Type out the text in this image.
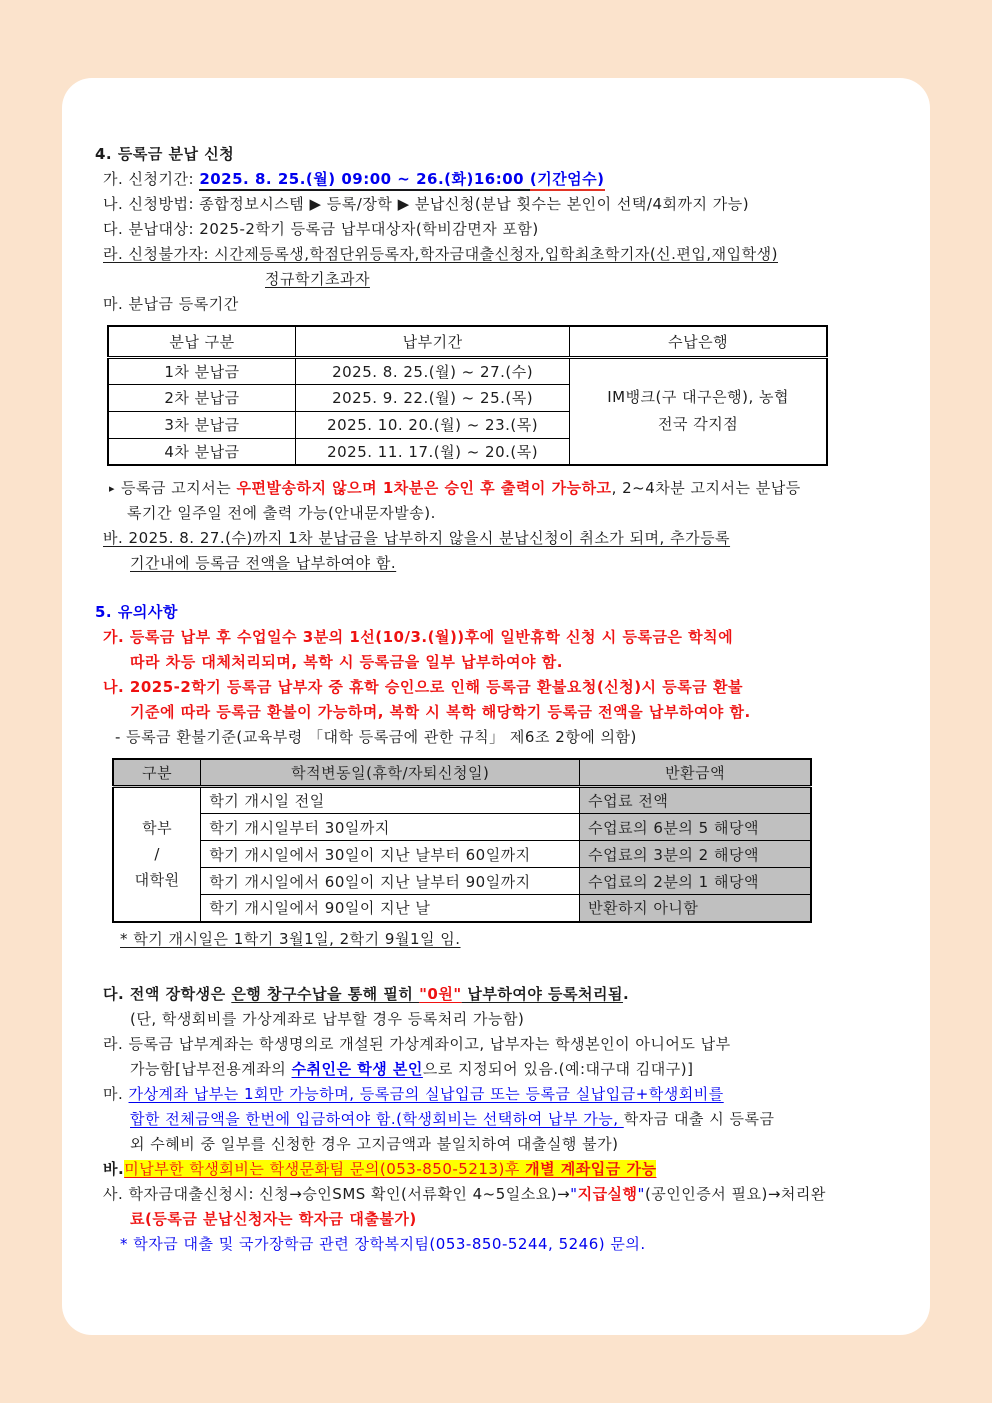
4. 등록금 분납 신청
가. 신청기간: 2025. 8. 25.(월) 09:00 ~ 26.(화)16:00 (기간엄수)
나. 신청방법: 종합정보시스템 ▶ 등록/장학 ▶ 분납신청(분납 횟수는 본인이 선택/4회까지 가능)
다. 분납대상: 2025-2학기 등록금 납부대상자(학비감면자 포함)
라. 신청불가자: 시간제등록생,학점단위등록자,학자금대출신청자,입학최초학기자(신.편입,재입학생)
정규학기초과자
마. 분납금 등록기간
분납 구분	납부기간	수납은행
1차 분납금	2025. 8. 25.(월) ~ 27.(수)	IM뱅크(구 대구은행), 농협
전국 각지점

2차 분납금	2025. 9. 22.(월) ~ 25.(목)	
3차 분납금	2025. 10. 20.(월) ~ 23.(목)	
4차 분납금	2025. 11. 17.(월) ~ 20.(목)	
▸ 등록금 고지서는 우편발송하지 않으며 1차분은 승인 후 출력이 가능하고, 2~4차분 고지서는 분납등
록기간 일주일 전에 출력 가능(안내문자발송).
바. 2025. 8. 27.(수)까지 1차 분납금을 납부하지 않을시 분납신청이 취소가 되며, 추가등록
기간내에 등록금 전액을 납부하여야 함.
5. 유의사항
가. 등록금 납부 후 수업일수 3분의 1선(10/3.(월))후에 일반휴학 신청 시 등록금은 학칙에
따라 차등 대체처리되며, 복학 시 등록금을 일부 납부하여야 함.
나. 2025-2학기 등록금 납부자 중 휴학 승인으로 인해 등록금 환불요청(신청)시 등록금 환불
기준에 따라 등록금 환불이 가능하며, 복학 시 복학 해당학기 등록금 전액을 납부하여야 함.
- 등록금 환불기준(교육부령 「대학 등록금에 관한 규칙」 제6조 2항에 의함)
구분	학적변동일(휴학/자퇴신청일)	반환금액

학부
/
대학원	학기 개시일 전일	수업료 전액
	학기 개시일부터 30일까지	수업료의 6분의 5 해당액
	학기 개시일에서 30일이 지난 날부터 60일까지	수업료의 3분의 2 해당액
	학기 개시일에서 60일이 지난 날부터 90일까지	수업료의 2분의 1 해당액
	학기 개시일에서 90일이 지난 날	반환하지 아니함
* 학기 개시일은 1학기 3월1일, 2학기 9월1일 임.
다. 전액 장학생은 은행 창구수납을 통해 필히 "0원" 납부하여야 등록처리됨.
(단, 학생회비를 가상계좌로 납부할 경우 등록처리 가능함)
라. 등록금 납부계좌는 학생명의로 개설된 가상계좌이고, 납부자는 학생본인이 아니어도 납부
가능함[납부전용계좌의 수취인은 학생 본인으로 지정되어 있음.(예:대구대 김대구)]
마. 가상계좌 납부는 1회만 가능하며, 등록금의 실납입금 또는 등록금 실납입금+학생회비를
합한 전체금액을 한번에 입금하여야 함.(학생회비는 선택하여 납부 가능, 학자금 대출 시 등록금
외 수혜비 중 일부를 신청한 경우 고지금액과 불일치하여 대출실행 불가)
바.미납부한 학생회비는 학생문화팀 문의(053-850-5213)후 개별 계좌입금 가능
사. 학자금대출신청시: 신청→승인SMS 확인(서류확인 4~5일소요)→"지급실행"(공인인증서 필요)→처리완
료(등록금 분납신청자는 학자금 대출불가)
* 학자금 대출 및 국가장학금 관련 장학복지팀(053-850-5244, 5246) 문의.
